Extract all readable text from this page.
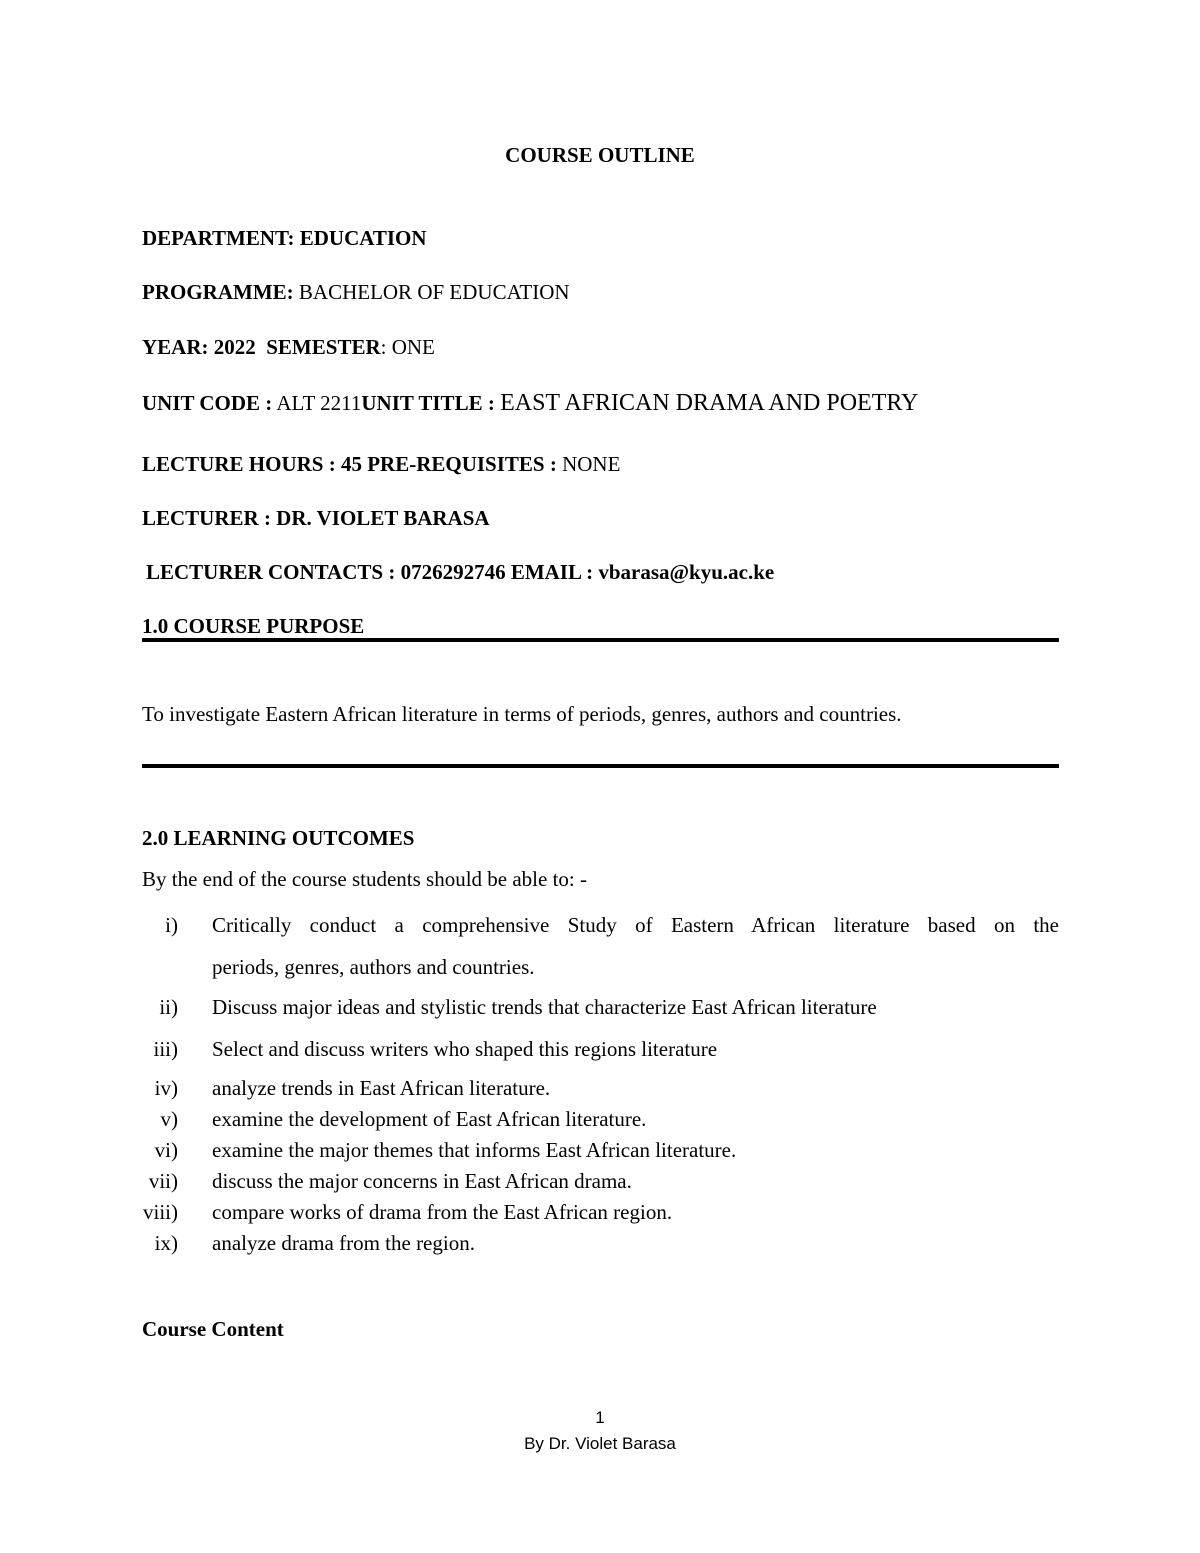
COURSE OUTLINE
DEPARTMENT: EDUCATION
PROGRAMME: BACHELOR OF EDUCATION
YEAR: 2022 SEMESTER: ONE
UNIT CODE : ALT 2211UNIT TITLE : EAST AFRICAN DRAMA AND POETRY
LECTURE HOURS : 45 PRE-REQUISITES : NONE
LECTURER : DR. VIOLET BARASA
LECTURER CONTACTS : 0726292746 EMAIL : vbarasa@kyu.ac.ke
1.0 COURSE PURPOSE
To investigate Eastern African literature in terms of periods, genres, authors and countries.
2.0 LEARNING OUTCOMES
By the end of the course students should be able to: -
i) Critically conduct a comprehensive Study of Eastern African literature based on the
periods, genres, authors and countries.
ii) Discuss major ideas and stylistic trends that characterize East African literature
iii) Select and discuss writers who shaped this regions literature
iv) analyze trends in East African literature.
v) examine the development of East African literature.
vi) examine the major themes that informs East African literature.
vii) discuss the major concerns in East African drama.
viii) compare works of drama from the East African region.
ix) analyze drama from the region.
Course Content
1
By Dr. Violet Barasa
